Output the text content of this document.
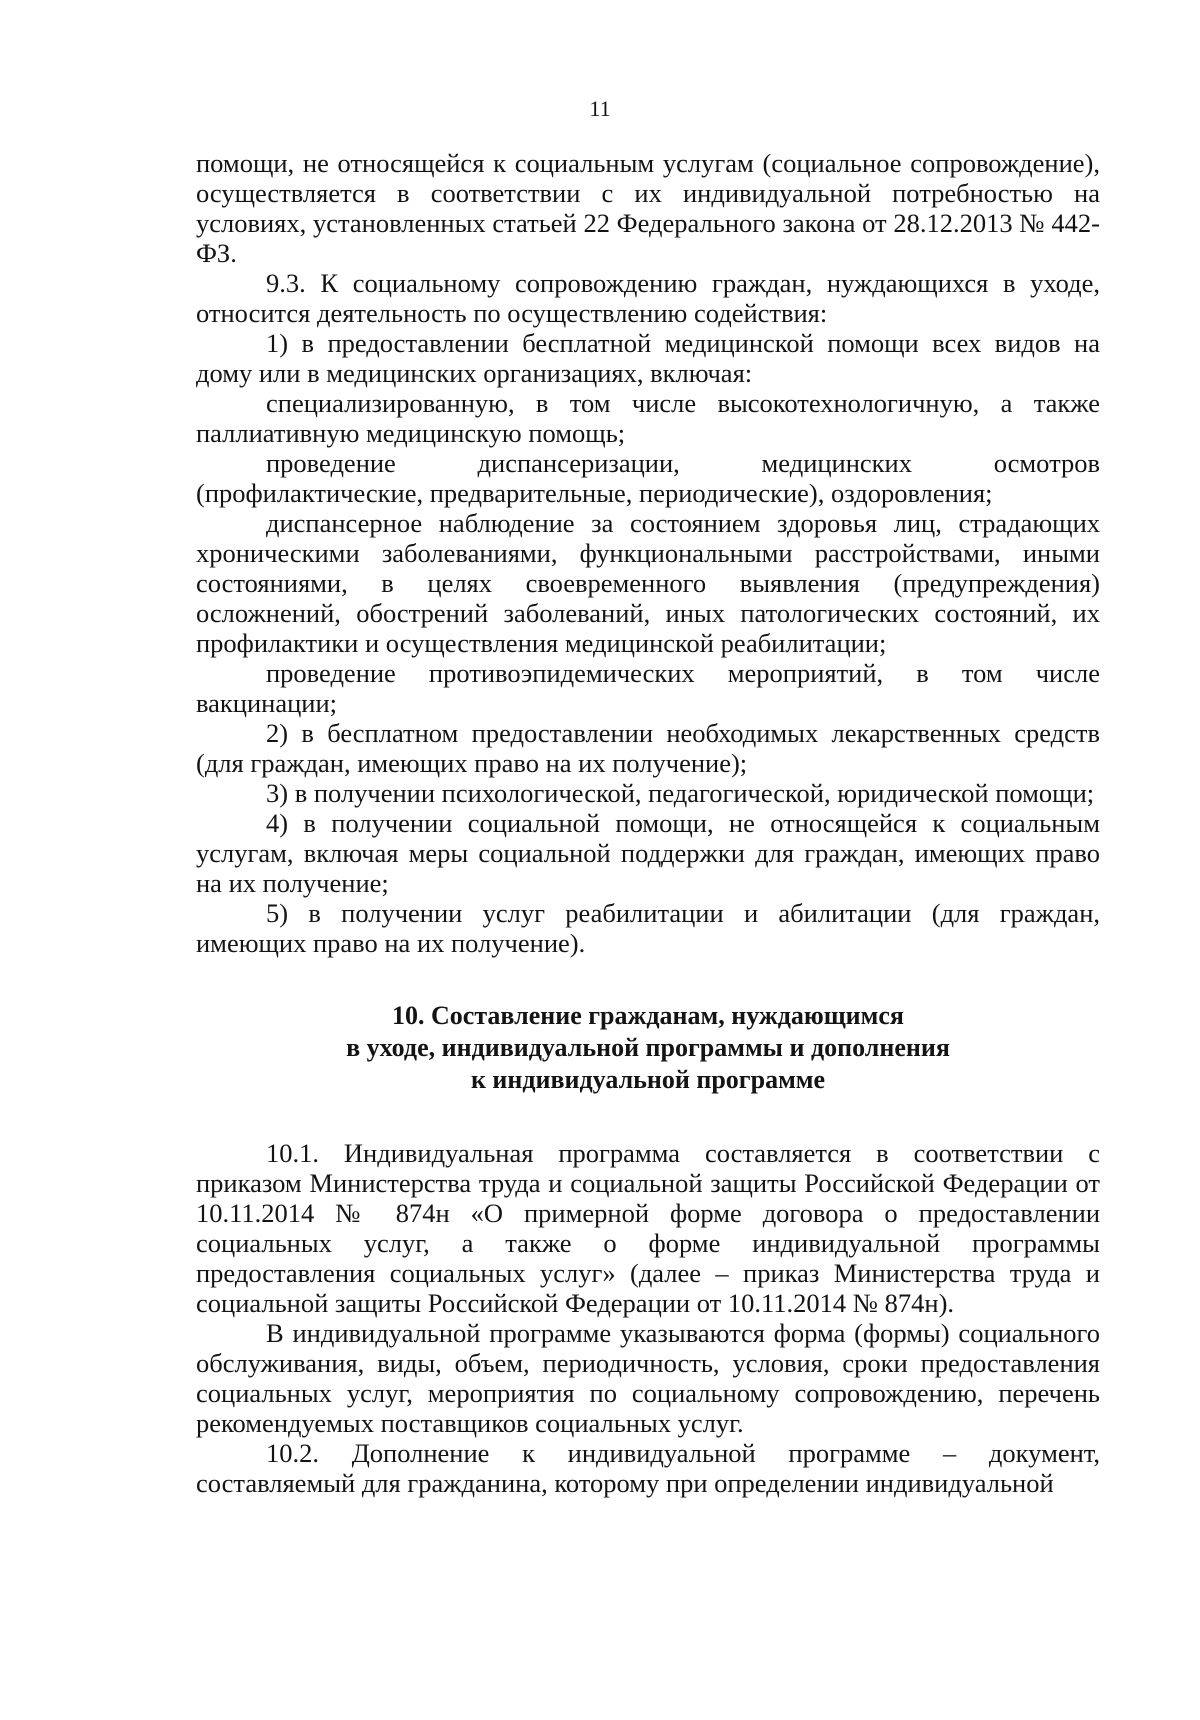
11

помощи, не относящейся к социальным услугам (социальное сопровождение), осуществляется в соответствии с их индивидуальной потребностью на условиях, установленных статьей 22 Федерального закона от 28.12.2013 № 442-ФЗ.

9.3. К социальному сопровождению граждан, нуждающихся в уходе, относится деятельность по осуществлению содействия:

1) в предоставлении бесплатной медицинской помощи всех видов на дому или в медицинских организациях, включая:

специализированную, в том числе высокотехнологичную, а также паллиативную медицинскую помощь;

проведение диспансеризации, медицинских осмотров (профилактические, предварительные, периодические), оздоровления;

диспансерное наблюдение за состоянием здоровья лиц, страдающих хроническими заболеваниями, функциональными расстройствами, иными состояниями, в целях своевременного выявления (предупреждения) осложнений, обострений заболеваний, иных патологических состояний, их профилактики и осуществления медицинской реабилитации;

проведение противоэпидемических мероприятий, в том числе вакцинации;

2) в бесплатном предоставлении необходимых лекарственных средств (для граждан, имеющих право на их получение);

3) в получении психологической, педагогической, юридической помощи;

4) в получении социальной помощи, не относящейся к социальным услугам, включая меры социальной поддержки для граждан, имеющих право на их получение;

5) в получении услуг реабилитации и абилитации (для граждан, имеющих право на их получение).

10. Составление гражданам, нуждающимся
в уходе, индивидуальной программы и дополнения
к индивидуальной программе

10.1. Индивидуальная программа составляется в соответствии с приказом Министерства труда и социальной защиты Российской Федерации от 10.11.2014 № 874н «О примерной форме договора о предоставлении социальных услуг, а также о форме индивидуальной программы предоставления социальных услуг» (далее – приказ Министерства труда и социальной защиты Российской Федерации от 10.11.2014 № 874н).

В индивидуальной программе указываются форма (формы) социального обслуживания, виды, объем, периодичность, условия, сроки предоставления социальных услуг, мероприятия по социальному сопровождению, перечень рекомендуемых поставщиков социальных услуг.

10.2. Дополнение к индивидуальной программе – документ, составляемый для гражданина, которому при определении индивидуальной
